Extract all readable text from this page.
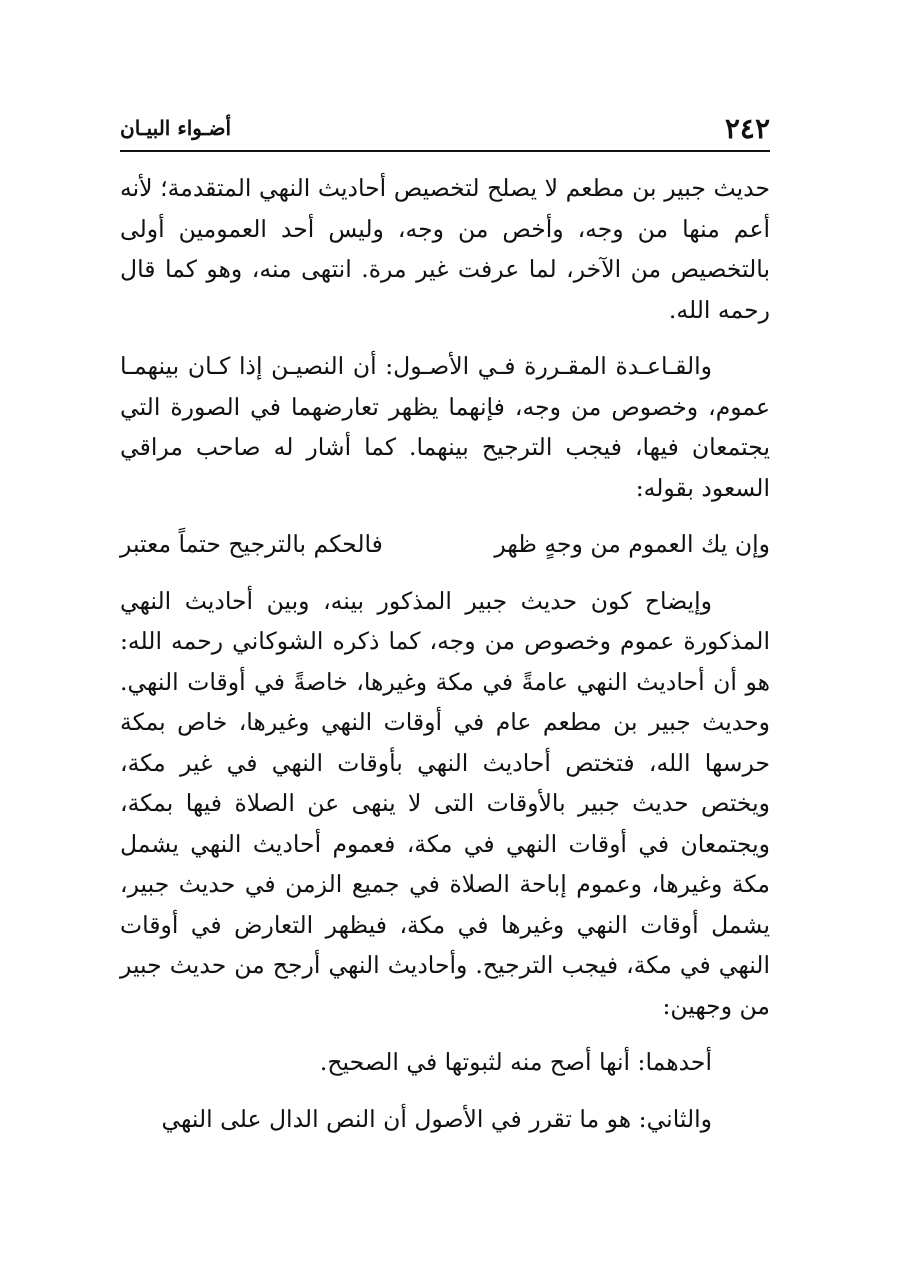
٢٤٢
أضـواء البيـان

حديث جبير بن مطعم لا يصلح لتخصيص أحاديث النهي المتقدمة؛ لأنه أعم منها من وجه، وأخص من وجه، وليس أحد العمومين أولى بالتخصيص من الآخر، لما عرفت غير مرة. انتهى منه، وهو كما قال رحمه الله.

والقـاعـدة المقـررة فـي الأصـول: أن النصيـن إذا كـان بينهمـا عموم، وخصوص من وجه، فإنهما يظهر تعارضهما في الصورة التي يجتمعان فيها، فيجب الترجيح بينهما. كما أشار له صاحب مراقي السعود بقوله:

وإن يك العموم من وجهٍ ظهر
فالحكم بالترجيح حتماً معتبر

وإيضاح كون حديث جبير المذكور بينه، وبين أحاديث النهي المذكورة عموم وخصوص من وجه، كما ذكره الشوكاني رحمه الله: هو أن أحاديث النهي عامةً في مكة وغيرها، خاصةً في أوقات النهي. وحديث جبير بن مطعم عام في أوقات النهي وغيرها، خاص بمكة حرسها الله، فتختص أحاديث النهي بأوقات النهي في غير مكة، ويختص حديث جبير بالأوقات التى لا ينهى عن الصلاة فيها بمكة، ويجتمعان في أوقات النهي في مكة، فعموم أحاديث النهي يشمل مكة وغيرها، وعموم إباحة الصلاة في جميع الزمن في حديث جبير، يشمل أوقات النهي وغيرها في مكة، فيظهر التعارض في أوقات النهي في مكة، فيجب الترجيح. وأحاديث النهي أرجح من حديث جبير من وجهين:

أحدهما: أنها أصح منه لثبوتها في الصحيح.

والثاني: هو ما تقرر في الأصول أن النص الدال على النهي
